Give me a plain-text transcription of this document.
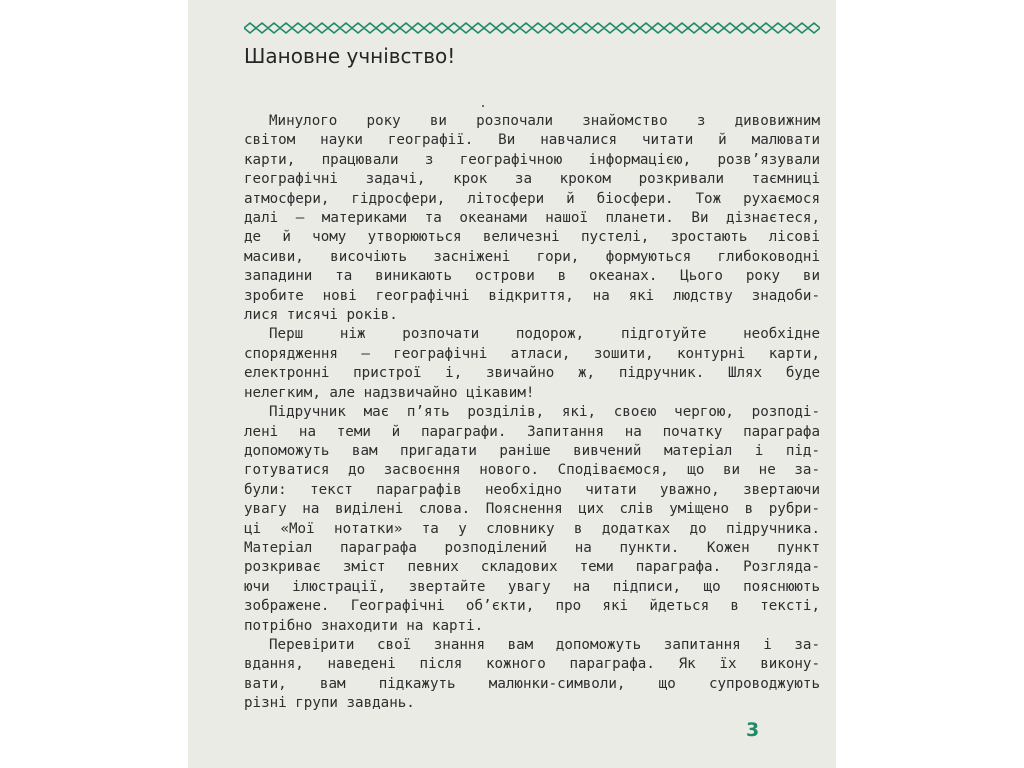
Шановне учнівство!

Минулого року ви розпочали знайомство з дивовижним
світом науки географії. Ви навчалися читати й малювати
карти, працювали з географічною інформацією, розв’язували
географічні задачі, крок за кроком розкривали таємниці
атмосфери, гідросфери, літосфери й біосфери. Тож рухаємося
далі — материками та океанами нашої планети. Ви дізнаєтеся,
де й чому утворюються величезні пустелі, зростають лісові
масиви, височіють засніжені гори, формуються глибоководні
западини та виникають острови в океанах. Цього року ви
зробите нові географічні відкриття, на які людству знадоби-
лися тисячі років.

Перш ніж розпочати подорож, підготуйте необхідне
спорядження — географічні атласи, зошити, контурні карти,
електронні пристрої і, звичайно ж, підручник. Шлях буде
нелегким, але надзвичайно цікавим!

Підручник має п’ять розділів, які, своєю чергою, розподі-
лені на теми й параграфи. Запитання на початку параграфа
допоможуть вам пригадати раніше вивчений матеріал і під-
готуватися до засвоєння нового. Сподіваємося, що ви не за-
були: текст параграфів необхідно читати уважно, звертаючи
увагу на виділені слова. Пояснення цих слів уміщено в рубри-
ці «Мої нотатки» та у словнику в додатках до підручника.
Матеріал параграфа розподілений на пункти. Кожен пункт
розкриває зміст певних складових теми параграфа. Розгляда-
ючи ілюстрації, звертайте увагу на підписи, що пояснюють
зображене. Географічні об’єкти, про які йдеться в тексті,
потрібно знаходити на карті.

Перевірити свої знання вам допоможуть запитання і за-
вдання, наведені після кожного параграфа. Як їх викону-
вати, вам підкажуть малюнки-символи, що супроводжують
різні групи завдань.

3
